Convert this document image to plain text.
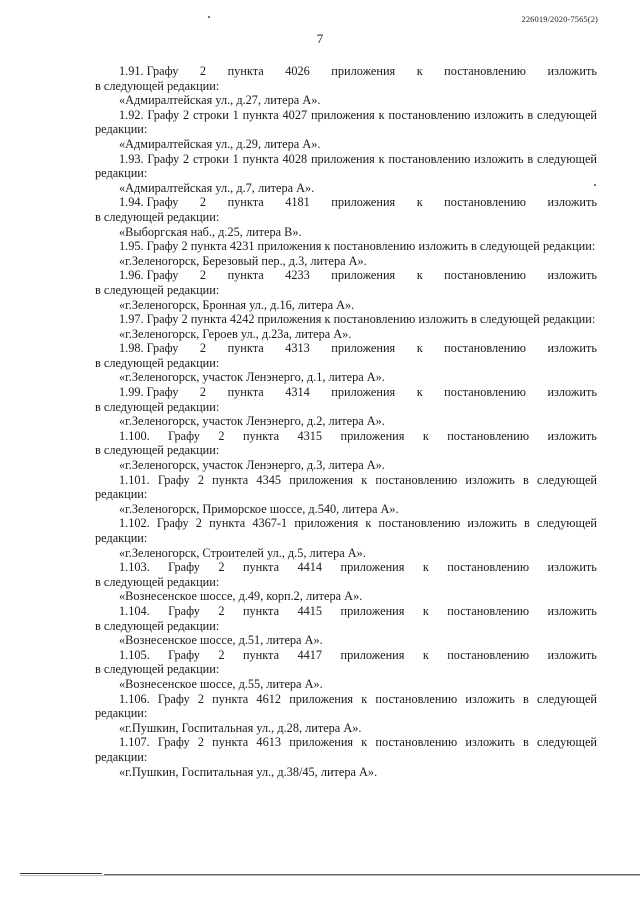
226019/2020-7565(2)
7
1.91. Графу 2 пункта 4026 приложения к постановлению изложить
в следующей редакции:
«Адмиралтейская ул., д.27, литера А».
1.92. Графу 2 строки 1 пункта 4027 приложения к постановлению изложить в следующей редакции:
«Адмиралтейская ул., д.29, литера А».
1.93. Графу 2 строки 1 пункта 4028 приложения к постановлению изложить в следующей редакции:
«Адмиралтейская ул., д.7, литера А».
1.94. Графу 2 пункта 4181 приложения к постановлению изложить
в следующей редакции:
«Выборгская наб., д.25, литера В».
1.95. Графу 2 пункта 4231 приложения к постановлению изложить в следующей редакции:
«г.Зеленогорск, Березовый пер., д.3, литера А».
1.96. Графу 2 пункта 4233 приложения к постановлению изложить
в следующей редакции:
«г.Зеленогорск, Бронная ул., д.16, литера А».
1.97. Графу 2 пункта 4242 приложения к постановлению изложить в следующей редакции:
«г.Зеленогорск, Героев ул., д.23а, литера А».
1.98. Графу 2 пункта 4313 приложения к постановлению изложить
в следующей редакции:
«г.Зеленогорск, участок Ленэнерго, д.1, литера А».
1.99. Графу 2 пункта 4314 приложения к постановлению изложить
в следующей редакции:
«г.Зеленогорск, участок Ленэнерго, д.2, литера А».
1.100. Графу 2 пункта 4315 приложения к постановлению изложить
в следующей редакции:
«г.Зеленогорск, участок Ленэнерго, д.3, литера А».
1.101. Графу 2 пункта 4345 приложения к постановлению изложить в следующей редакции:
«г.Зеленогорск, Приморское шоссе, д.540, литера А».
1.102. Графу 2 пункта 4367-1 приложения к постановлению изложить в следующей редакции:
«г.Зеленогорск, Строителей ул., д.5, литера А».
1.103. Графу 2 пункта 4414 приложения к постановлению изложить
в следующей редакции:
«Вознесенское шоссе, д.49, корп.2, литера А».
1.104. Графу 2 пункта 4415 приложения к постановлению изложить
в следующей редакции:
«Вознесенское шоссе, д.51, литера А».
1.105. Графу 2 пункта 4417 приложения к постановлению изложить
в следующей редакции:
«Вознесенское шоссе, д.55, литера А».
1.106. Графу 2 пункта 4612 приложения к постановлению изложить в следующей редакции:
«г.Пушкин, Госпитальная ул., д.28, литера А».
1.107. Графу 2 пункта 4613 приложения к постановлению изложить в следующей редакции:
«г.Пушкин, Госпитальная ул., д.38/45, литера А».
